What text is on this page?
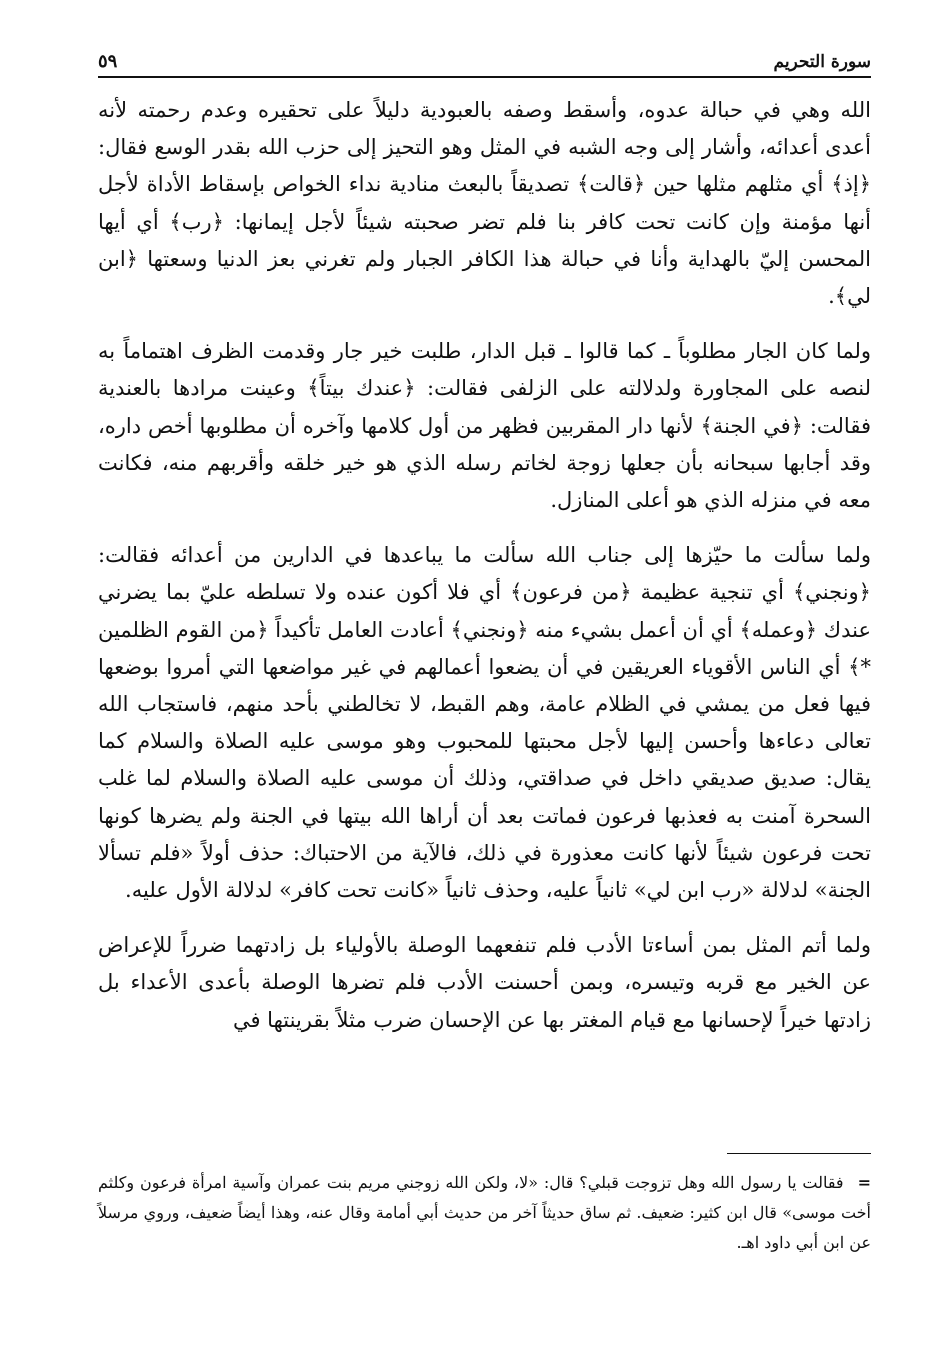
سورة التحريم
٥٩

الله وهي في حبالة عدوه، وأسقط وصفه بالعبودية دليلاً على تحقيره وعدم رحمته لأنه أعدى أعدائه، وأشار إلى وجه الشبه في المثل وهو التحيز إلى حزب الله بقدر الوسع فقال: ﴿إذ﴾ أي مثلهم مثلها حين ﴿قالت﴾ تصديقاً بالبعث منادية نداء الخواص بإسقاط الأداة لأجل أنها مؤمنة وإن كانت تحت كافر بنا فلم تضر صحبته شيئاً لأجل إيمانها: ﴿رب﴾ أي أيها المحسن إليّ بالهداية وأنا في حبالة هذا الكافر الجبار ولم تغرني بعز الدنيا وسعتها ﴿ابن لي﴾.

ولما كان الجار مطلوباً ـ كما قالوا ـ قبل الدار، طلبت خير جار وقدمت الظرف اهتماماً به لنصه على المجاورة ولدلالته على الزلفى فقالت: ﴿عندك بيتاً﴾ وعينت مرادها بالعندية فقالت: ﴿في الجنة﴾ لأنها دار المقربين فظهر من أول كلامها وآخره أن مطلوبها أخص داره، وقد أجابها سبحانه بأن جعلها زوجة لخاتم رسله الذي هو خير خلقه وأقربهم منه، فكانت معه في منزله الذي هو أعلى المنازل.

ولما سألت ما حيّزها إلى جناب الله سألت ما يباعدها في الدارين من أعدائه فقالت: ﴿ونجني﴾ أي تنجية عظيمة ﴿من فرعون﴾ أي فلا أكون عنده ولا تسلطه عليّ بما يضرني عندك ﴿وعمله﴾ أي أن أعمل بشيء منه ﴿ونجني﴾ أعادت العامل تأكيداً ﴿من القوم الظلمين *﴾ أي الناس الأقوياء العريقين في أن يضعوا أعمالهم في غير مواضعها التي أمروا بوضعها فيها فعل من يمشي في الظلام عامة، وهم القبط، لا تخالطني بأحد منهم، فاستجاب الله تعالى دعاءها وأحسن إليها لأجل محبتها للمحبوب وهو موسى عليه الصلاة والسلام كما يقال: صديق صديقي داخل في صداقتي، وذلك أن موسى عليه الصلاة والسلام لما غلب السحرة آمنت به فعذبها فرعون فماتت بعد أن أراها الله بيتها في الجنة ولم يضرها كونها تحت فرعون شيئاً لأنها كانت معذورة في ذلك، فالآية من الاحتباك: حذف أولاً «فلم تسألا الجنة» لدلالة «رب ابن لي» ثانياً عليه، وحذف ثانياً «كانت تحت كافر» لدلالة الأول عليه.

ولما أتم المثل بمن أساءتا الأدب فلم تنفعهما الوصلة بالأولياء بل زادتهما ضرراً للإعراض عن الخير مع قربه وتيسره، وبمن أحسنت الأدب فلم تضرها الوصلة بأعدى الأعداء بل زادتها خيراً لإحسانها مع قيام المغتر بها عن الإحسان ضرب مثلاً بقرينتها في

=فقالت يا رسول الله وهل تزوجت قبلي؟ قال: «لا، ولكن الله زوجني مريم بنت عمران وآسية امرأة فرعون وكلثم أخت موسى» قال ابن كثير: ضعيف. ثم ساق حديثاً آخر من حديث أبي أمامة وقال عنه، وهذا أيضاً ضعيف، وروي مرسلاً عن ابن أبي داود اهـ.
